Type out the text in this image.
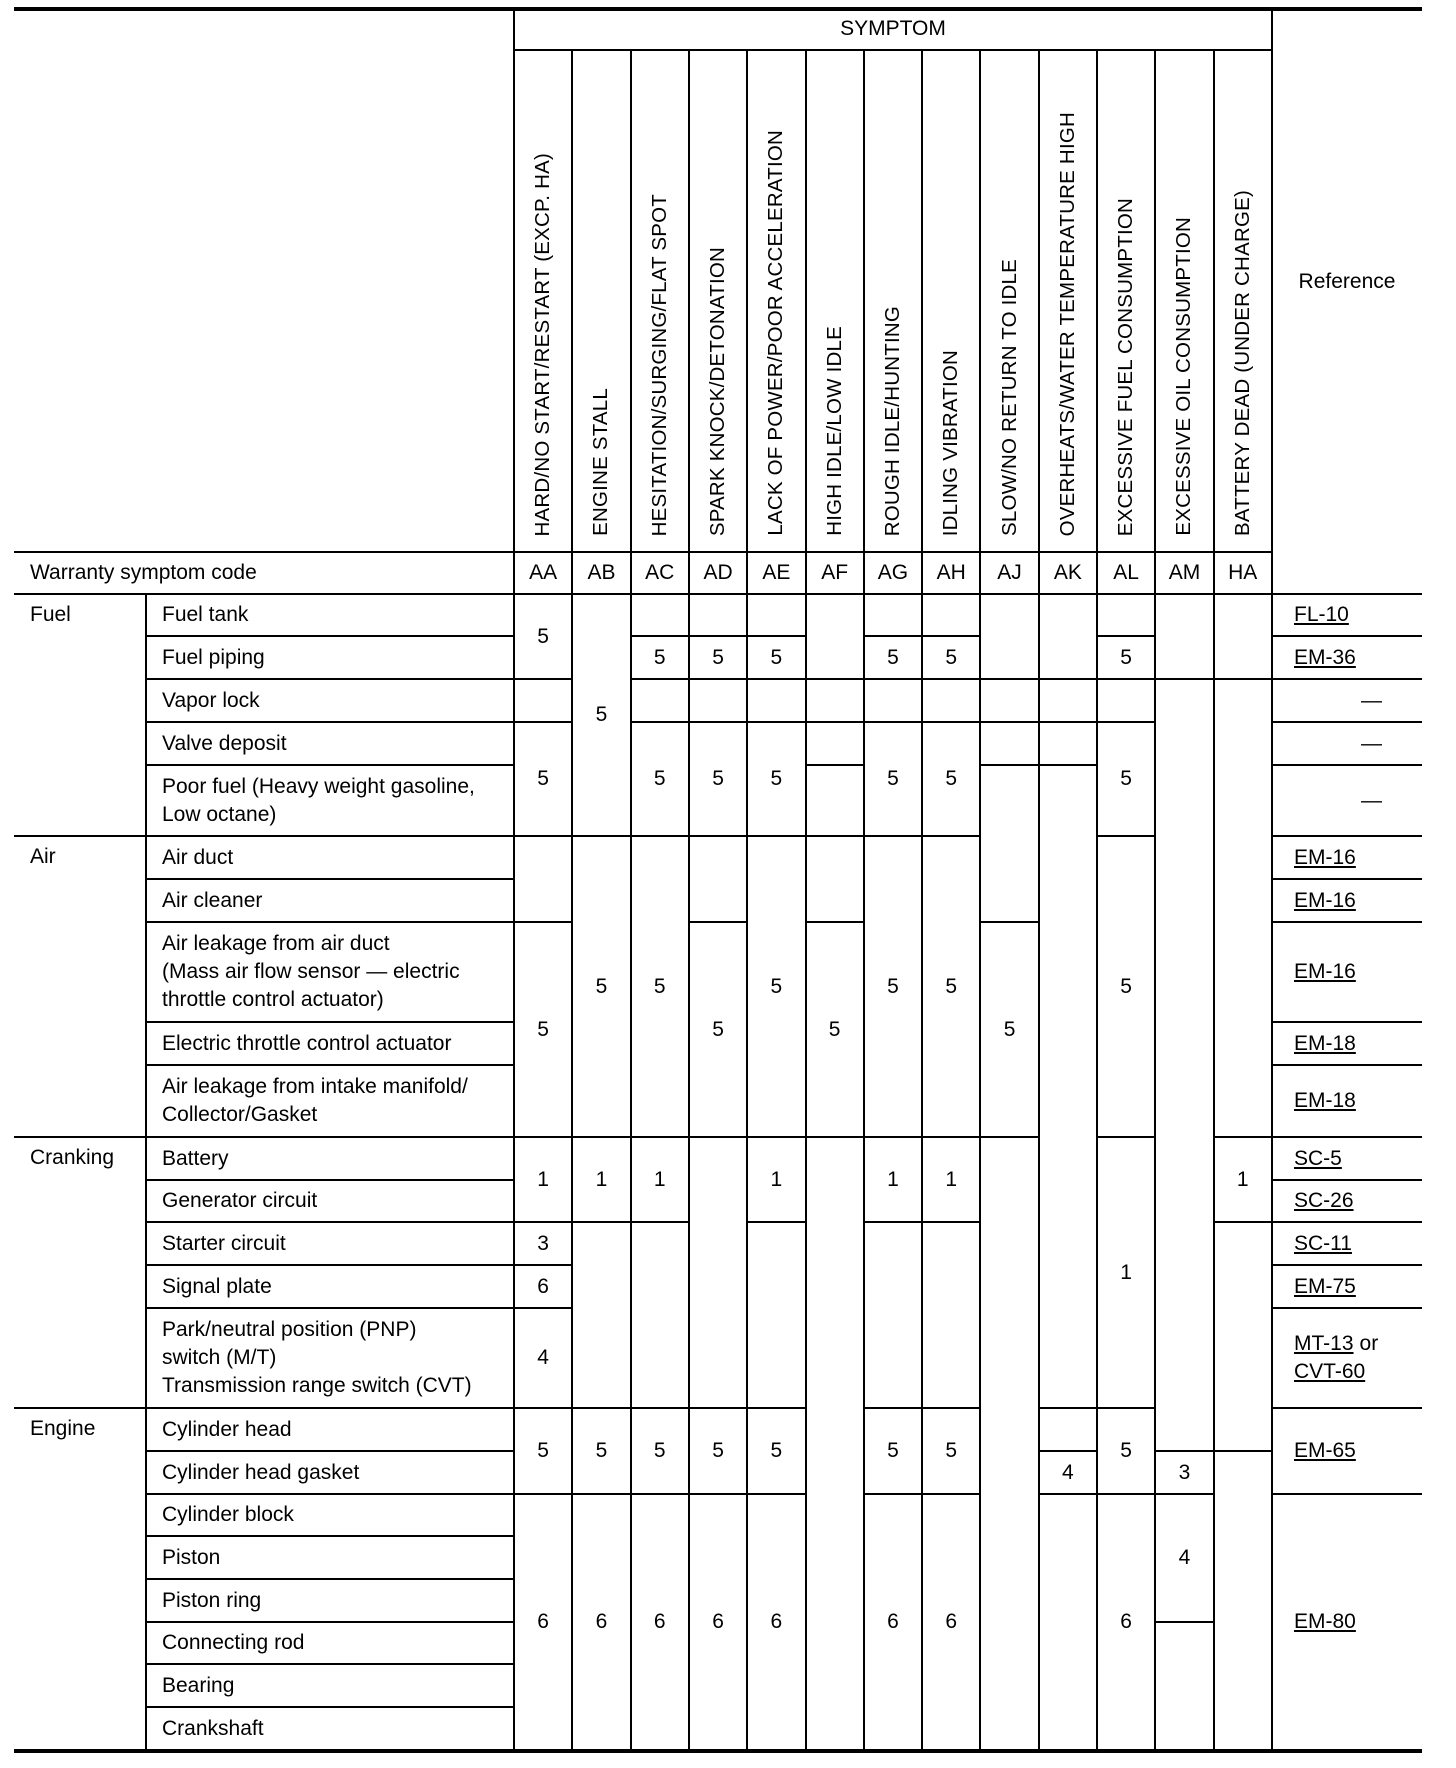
SYMPTOM
Reference
Warranty symptom code
HARD/NO START/RESTART (EXCP. HA)
AA
ENGINE STALL
AB
HESITATION/SURGING/FLAT SPOT
AC
SPARK KNOCK/DETONATION
AD
LACK OF POWER/POOR ACCELERATION
AE
HIGH IDLE/LOW IDLE
AF
ROUGH IDLE/HUNTING
AG
IDLING VIBRATION
AH
SLOW/NO RETURN TO IDLE
AJ
OVERHEATS/WATER TEMPERATURE HIGH
AK
EXCESSIVE FUEL CONSUMPTION
AL
EXCESSIVE OIL CONSUMPTION
AM
BATTERY DEAD (UNDER CHARGE)
HA
Fuel
Air
Cranking
Engine
Fuel tank
Fuel piping
Vapor lock
Valve deposit
Poor fuel (Heavy weight gasoline,
Low octane)
Air duct
Air cleaner
Air leakage from air duct
(Mass air flow sensor — electric
throttle control actuator)
Electric throttle control actuator
Air leakage from intake manifold/
Collector/Gasket
Battery
Generator circuit
Starter circuit
Signal plate
Park/neutral position (PNP)
switch (M/T)
Transmission range switch (CVT)
Cylinder head
Cylinder head gasket
Cylinder block
Piston
Piston ring
Connecting rod
Bearing
Crankshaft
FL-10
EM-36
—
—
—
EM-16
EM-16
EM-16
EM-18
EM-18
SC-5
SC-26
SC-11
EM-75
MT-13 or
CVT-60
EM-65
EM-80
5
5
5
1
3
6
4
5
6
5
5
1
5
6
5
5
5
1
5
6
5
5
5
5
6
5
5
5
1
5
6
5
5
5
5
1
5
6
5
5
5
1
5
6
5
4
5
5
5
1
5
6
3
4
1
